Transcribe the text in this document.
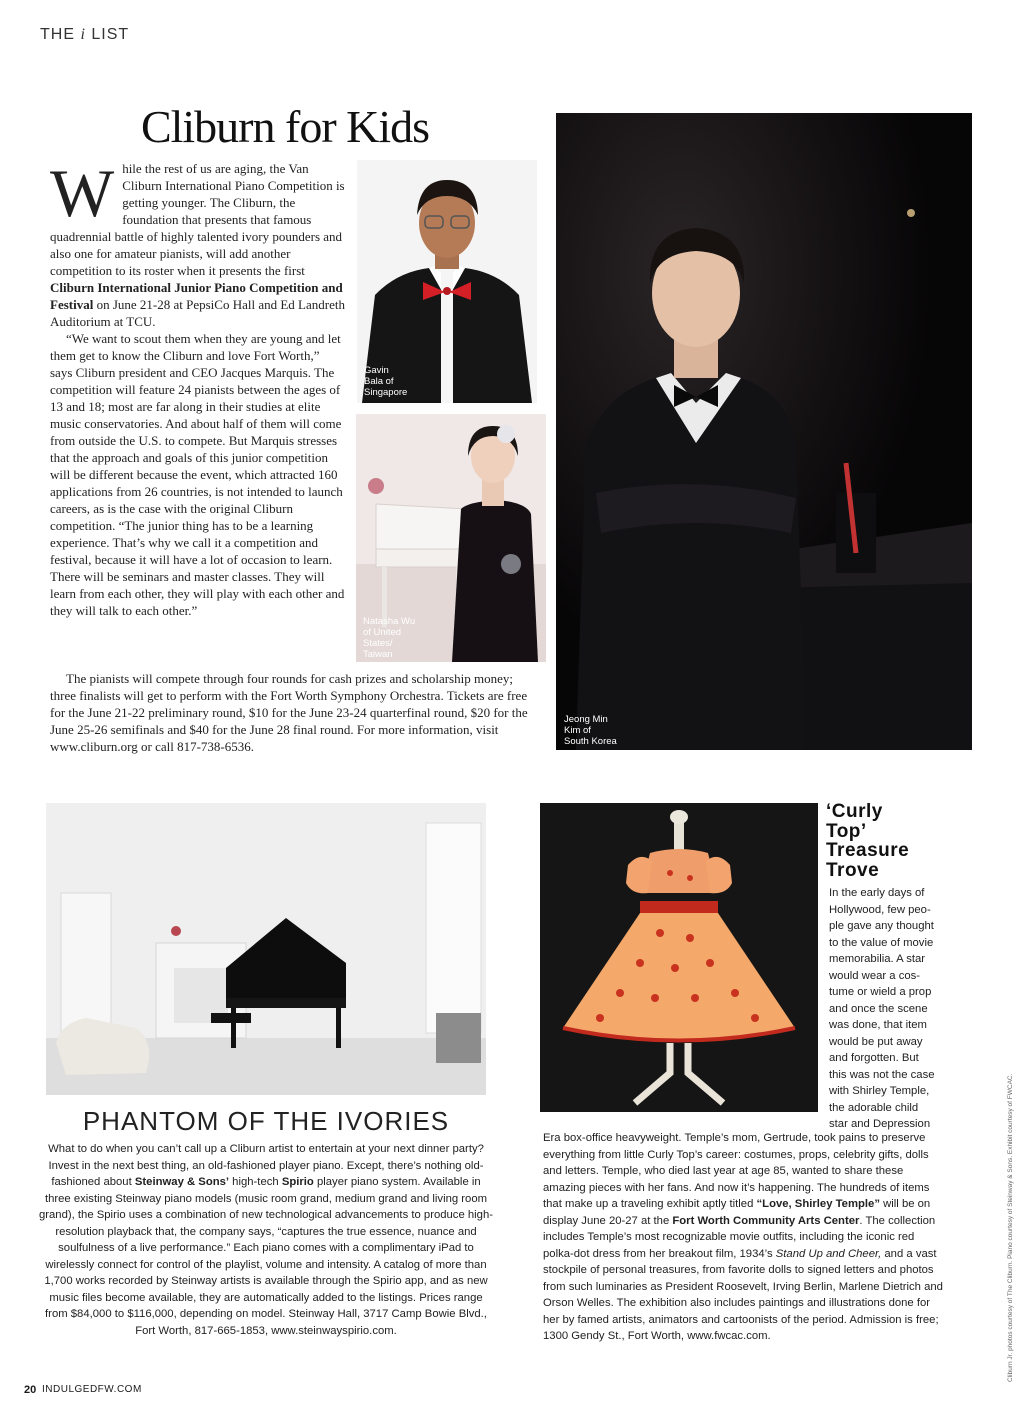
THE i LIST
Cliburn for Kids

While the rest of us are aging, the Van Cliburn International Piano Competition is getting younger. The Cliburn, the foundation that presents that famous quadrennial battle of highly talented ivory pounders and also one for amateur pianists, will add another competition to its roster when it presents the first Cliburn International Junior Piano Competition and Festival on June 21-28 at PepsiCo Hall and Ed Landreth Auditorium at TCU.

“We want to scout them when they are young and let them get to know the Cliburn and love Fort Worth,” says Cliburn president and CEO Jacques Marquis. The competition will feature 24 pianists between the ages of 13 and 18; most are far along in their studies at elite music conservatories. And about half of them will come from outside the U.S. to compete. But Marquis stresses that the approach and goals of this junior competition will be different because the event, which attracted 160 applications from 26 countries, is not intended to launch careers, as is the case with the original Cliburn competition. “The junior thing has to be a learning experience. That’s why we call it a competition and festival, because it will have a lot of occasion to learn. There will be seminars and master classes. They will learn from each other, they will play with each other and they will talk to each other.”

The pianists will compete through four rounds for cash prizes and scholarship money; three finalists will get to perform with the Fort Worth Symphony Orchestra. Tickets are free for the June 21-22 preliminary round, $10 for the June 23-24 quarterfinal round, $20 for the June 25-26 semifinals and $40 for the June 28 final round. For more information, visit www.cliburn.org or call 817-738-6536.

Gavin
Bala of
Singapore
Natasha Wu
of United
States/
Taiwan
Jeong Min
Kim of
South Korea
PHANTOM OF THE IVORIES
What to do when you can’t call up a Cliburn artist to entertain at your next dinner party? Invest in the next best thing, an old-fashioned player piano. Except, there’s nothing old-fashioned about Steinway & Sons’ high-tech Spirio player piano system. Available in three existing Steinway piano models (music room grand, medium grand and living room grand), the Spirio uses a combination of new technological advancements to produce high-resolution playback that, the company says, “captures the true essence, nuance and soulfulness of a live performance.” Each piano comes with a complimentary iPad to wirelessly connect for control of the playlist, volume and intensity. A catalog of more than 1,700 works recorded by Steinway artists is available through the Spirio app, and as new music files become available, they are automatically added to the listings. Prices range from $84,000 to $116,000, depending on model. Steinway Hall, 3717 Camp Bowie Blvd., Fort Worth, 817-665-1853, www.steinwayspirio.com.
‘Curly
Top’
Treasure
Trove
In the early days of
Hollywood, few peo-
ple gave any thought
to the value of movie
memorabilia. A star
would wear a cos-
tume or wield a prop
and once the scene
was done, that item
would be put away
and forgotten. But
this was not the case
with Shirley Temple,
the adorable child
star and Depression
Era box-office heavyweight. Temple’s mom, Gertrude, took pains to preserve everything from little Curly Top’s career: costumes, props, celebrity gifts, dolls and letters. Temple, who died last year at age 85, wanted to share these amazing pieces with her fans. And now it’s happening. The hundreds of items that make up a traveling exhibit aptly titled “Love, Shirley Temple” will be on display June 20-27 at the Fort Worth Community Arts Center. The collection includes Temple’s most recognizable movie outfits, including the iconic red polka-dot dress from her breakout film, 1934’s Stand Up and Cheer, and a vast stockpile of personal treasures, from favorite dolls to signed letters and photos from such luminaries as President Roosevelt, Irving Berlin, Marlene Dietrich and Orson Welles. The exhibition also includes paintings and illustrations done for her by famed artists, animators and cartoonists of the period. Admission is free; 1300 Gendy St., Fort Worth, www.fwcac.com.
20 INDULGEDFW.COM
Cliburn Jr. photos courtesy of The Cliburn. Piano courtesy of Steinway & Sons. Exhibit courtesy of FWCAC.
